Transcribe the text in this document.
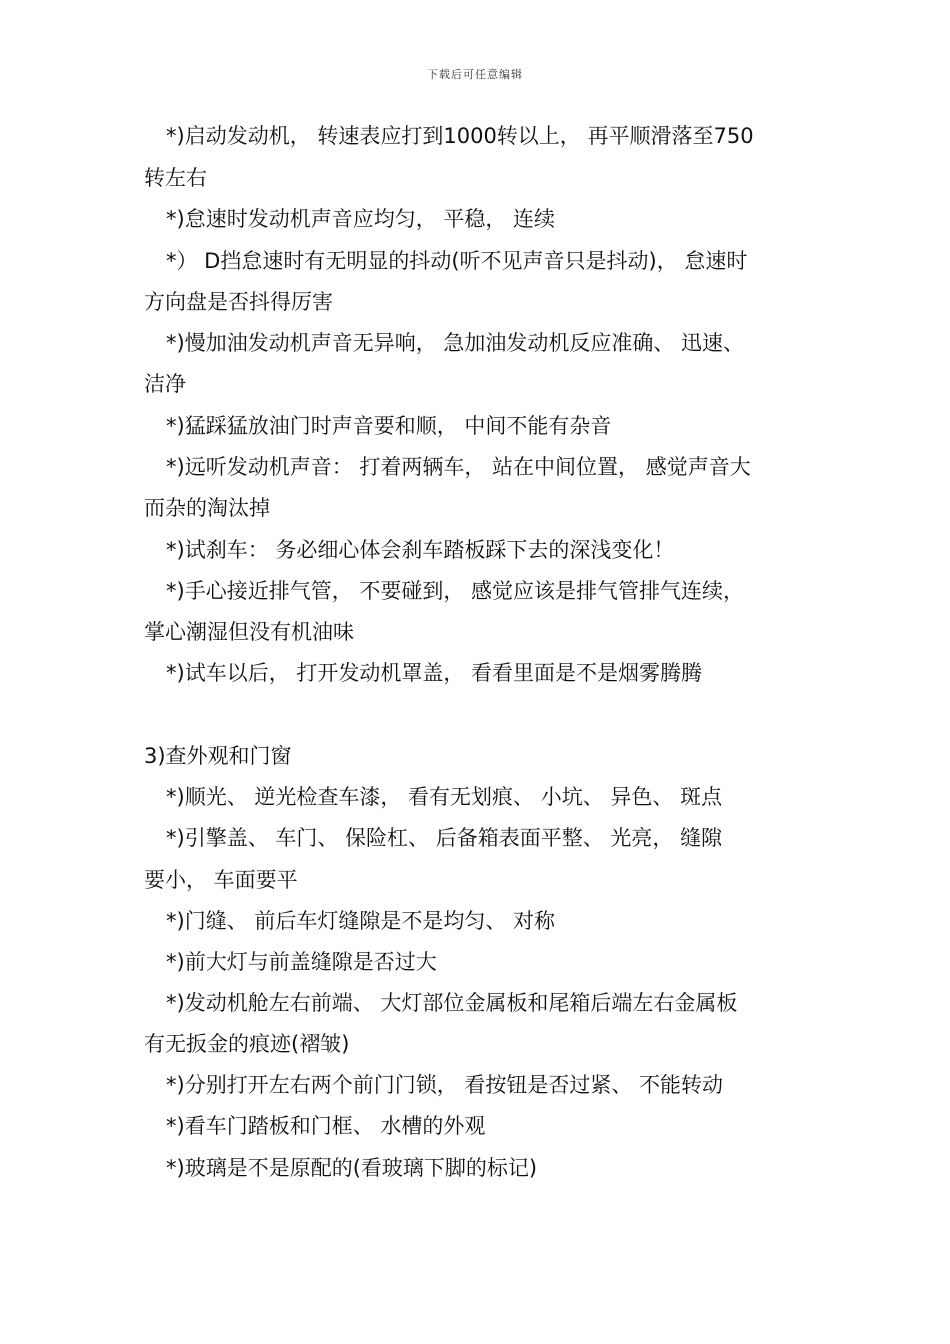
下载后可任意编辑
*)启动发动机， 转速表应打到1000转以上， 再平顺滑落至750
转左右
*)怠速时发动机声音应均匀， 平稳， 连续
*） D挡怠速时有无明显的抖动(听不见声音只是抖动)， 怠速时
方向盘是否抖得厉害
*)慢加油发动机声音无异响， 急加油发动机反应准确、 迅速、
洁净
*)猛踩猛放油门时声音要和顺， 中间不能有杂音
*)远听发动机声音： 打着两辆车， 站在中间位置， 感觉声音大
而杂的淘汰掉
*)试刹车： 务必细心体会刹车踏板踩下去的深浅变化！
*)手心接近排气管， 不要碰到， 感觉应该是排气管排气连续，
掌心潮湿但没有机油味
*)试车以后， 打开发动机罩盖， 看看里面是不是烟雾腾腾
3)查外观和门窗
*)顺光、 逆光检查车漆， 看有无划痕、 小坑、 异色、 斑点
*)引擎盖、 车门、 保险杠、 后备箱表面平整、 光亮， 缝隙
要小， 车面要平
*)门缝、 前后车灯缝隙是不是均匀、 对称
*)前大灯与前盖缝隙是否过大
*)发动机舱左右前端、 大灯部位金属板和尾箱后端左右金属板
有无扳金的痕迹(褶皱)
*)分别打开左右两个前门门锁， 看按钮是否过紧、 不能转动
*)看车门踏板和门框、 水槽的外观
*)玻璃是不是原配的(看玻璃下脚的标记)
